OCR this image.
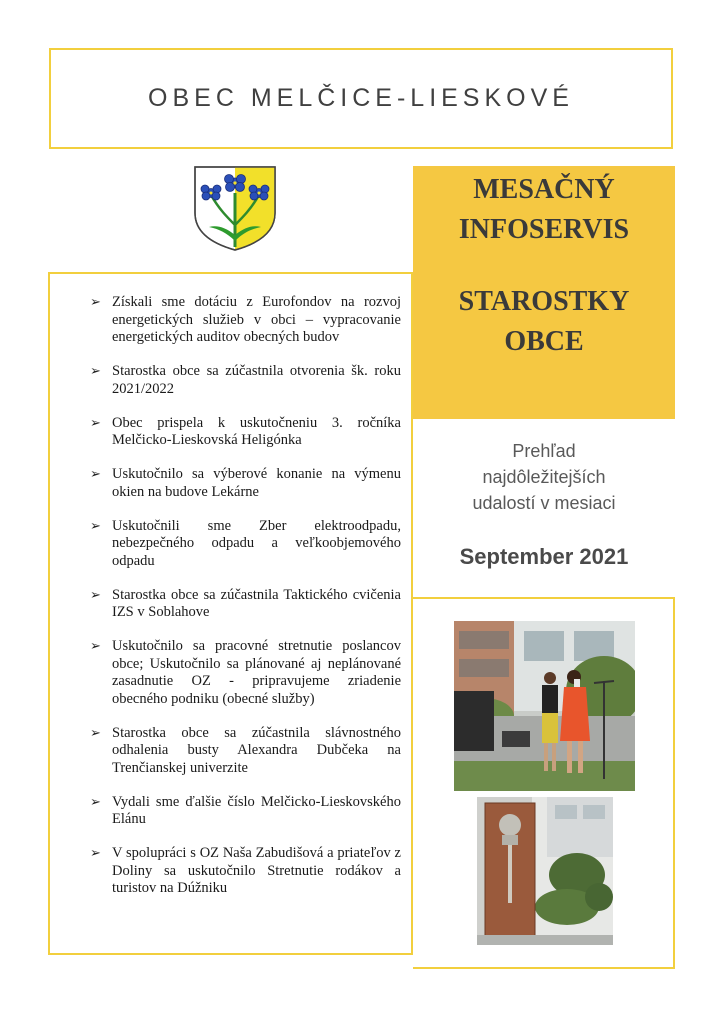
OBEC MELČICE-LIESKOVÉ
MESAČNÝ
INFOSERVIS
STAROSTKY
OBCE
Prehľad
najdôležitejších
udalostí v mesiaci
September 2021
➢ Získali sme dotáciu z Eurofondov na rozvoj energetických služieb v obci – vypracovanie energetických auditov obecných budov
➢ Starostka obce sa zúčastnila otvorenia šk. roku 2021/2022
➢ Obec prispela k uskutočneniu 3. ročníka Melčicko-Lieskovská Heligónka
➢ Uskutočnilo sa výberové konanie na výmenu okien na budove Lekárne
➢ Uskutočnili sme Zber elektroodpadu, nebezpečného odpadu a veľkoobjemového odpadu
➢ Starostka obce sa zúčastnila Taktického cvičenia IZS v Soblahove
➢ Uskutočnilo sa pracovné stretnutie poslancov obce; Uskutočnilo sa plánované aj neplánované zasadnutie OZ - pripravujeme zriadenie obecného podniku (obecné služby)
➢ Starostka obce sa zúčastnila slávnostného odhalenia busty Alexandra Dubčeka na Trenčianskej univerzite
➢ Vydali sme ďalšie číslo Melčicko-Lieskovského Elánu
➢ V spolupráci s OZ Naša Zabudišová a priateľov z Doliny sa uskutočnilo Stretnutie rodákov a turistov na Dúžniku
